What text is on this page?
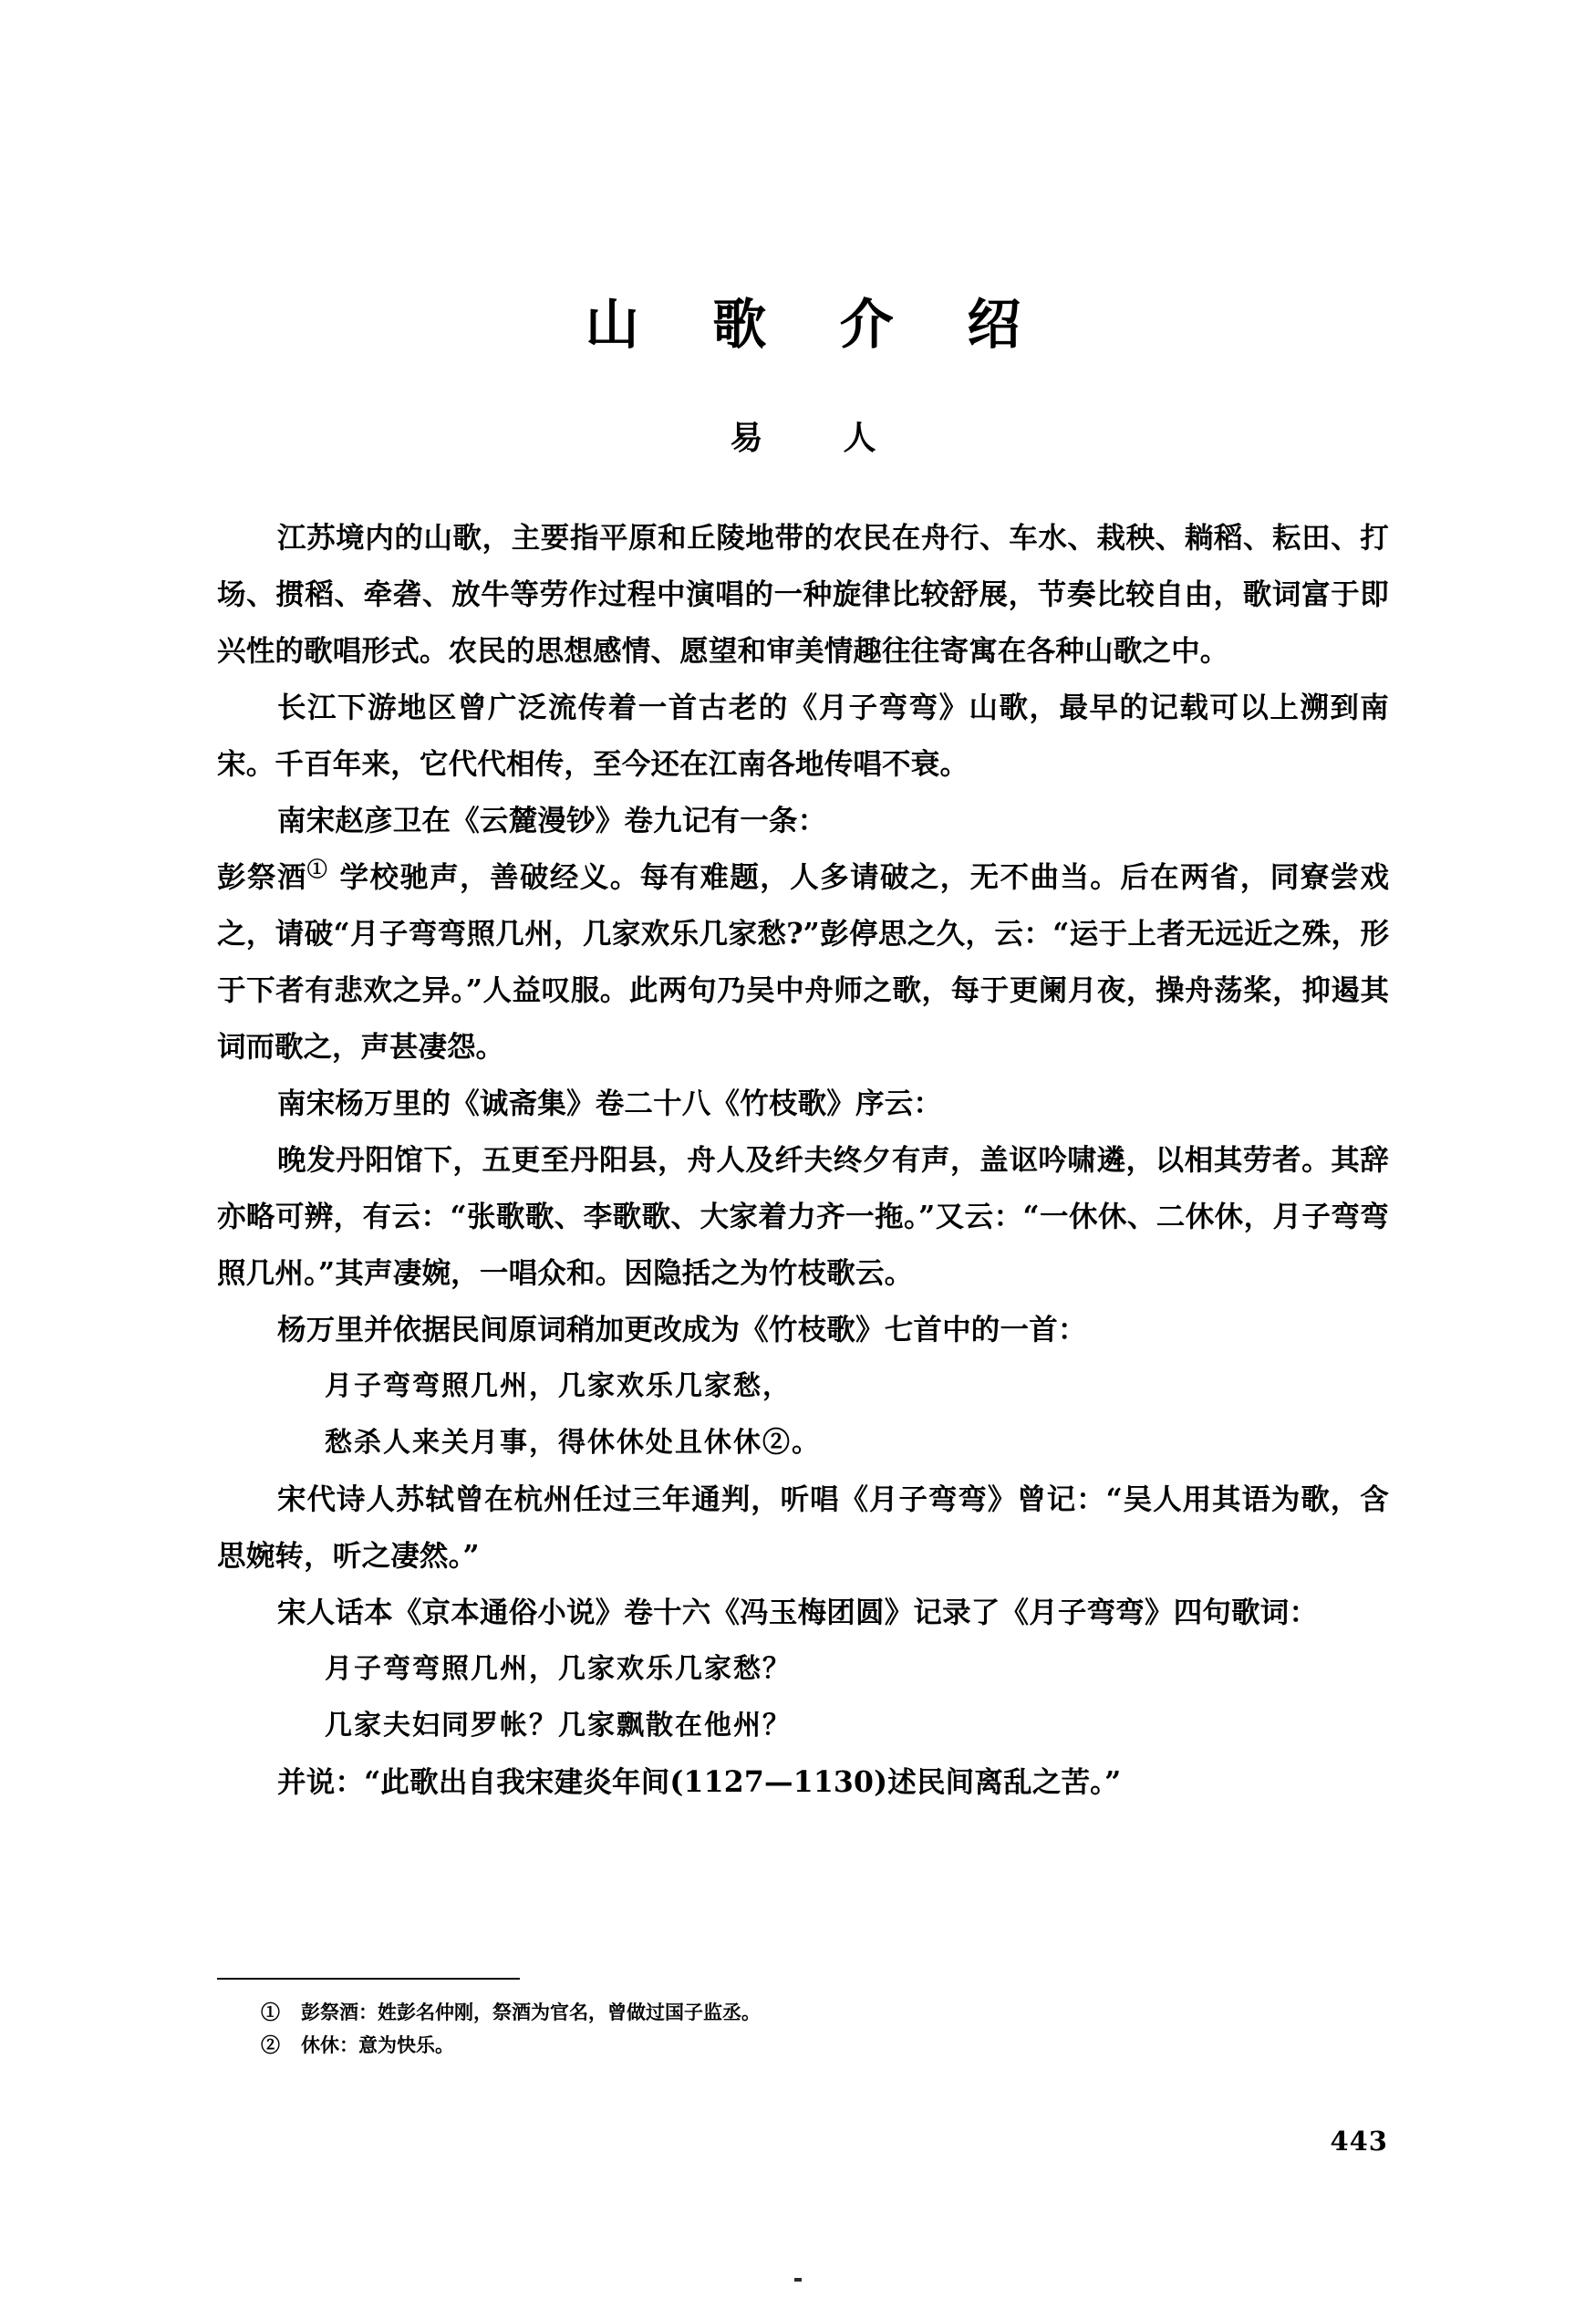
山 歌 介 绍
易　人

江苏境内的山歌，主要指平原和丘陵地带的农民在舟行、车水、栽秧、耥稻、耘田、打场、掼稻、牵砻、放牛等劳作过程中演唱的一种旋律比较舒展，节奏比较自由，歌词富于即兴性的歌唱形式。农民的思想感情、愿望和审美情趣往往寄寓在各种山歌之中。

长江下游地区曾广泛流传着一首古老的《月子弯弯》山歌，最早的记载可以上溯到南宋。千百年来，它代代相传，至今还在江南各地传唱不衰。

南宋赵彦卫在《云麓漫钞》卷九记有一条：

彭祭酒① 学校驰声，善破经义。每有难题，人多请破之，无不曲当。后在两省，同寮尝戏之，请破“月子弯弯照几州，几家欢乐几家愁?”彭停思之久，云：“运于上者无远近之殊，形于下者有悲欢之异。”人益叹服。此两句乃吴中舟师之歌，每于更阑月夜，操舟荡桨，抑遏其词而歌之，声甚凄怨。

南宋杨万里的《诚斋集》卷二十八《竹枝歌》序云：

晚发丹阳馆下，五更至丹阳县，舟人及纤夫终夕有声，盖讴吟啸遴，以相其劳者。其辞亦略可辨，有云：“张歌歌、李歌歌、大家着力齐一拖。”又云：“一休休、二休休，月子弯弯照几州。”其声凄婉，一唱众和。因隐括之为竹枝歌云。

杨万里并依据民间原词稍加更改成为《竹枝歌》七首中的一首：

月子弯弯照几州，几家欢乐几家愁，

愁杀人来关月事，得休休处且休休②。

宋代诗人苏轼曾在杭州任过三年通判，听唱《月子弯弯》曾记：“吴人用其语为歌，含思婉转，听之凄然。”

宋人话本《京本通俗小说》卷十六《冯玉梅团圆》记录了《月子弯弯》四句歌词：

月子弯弯照几州，几家欢乐几家愁？

几家夫妇同罗帐？几家飘散在他州？

并说：“此歌出自我宋建炎年间(1127—1130)述民间离乱之苦。”

① 彭祭酒：姓彭名仲刚，祭酒为官名，曾做过国子监丞。
② 休休：意为快乐。
443
